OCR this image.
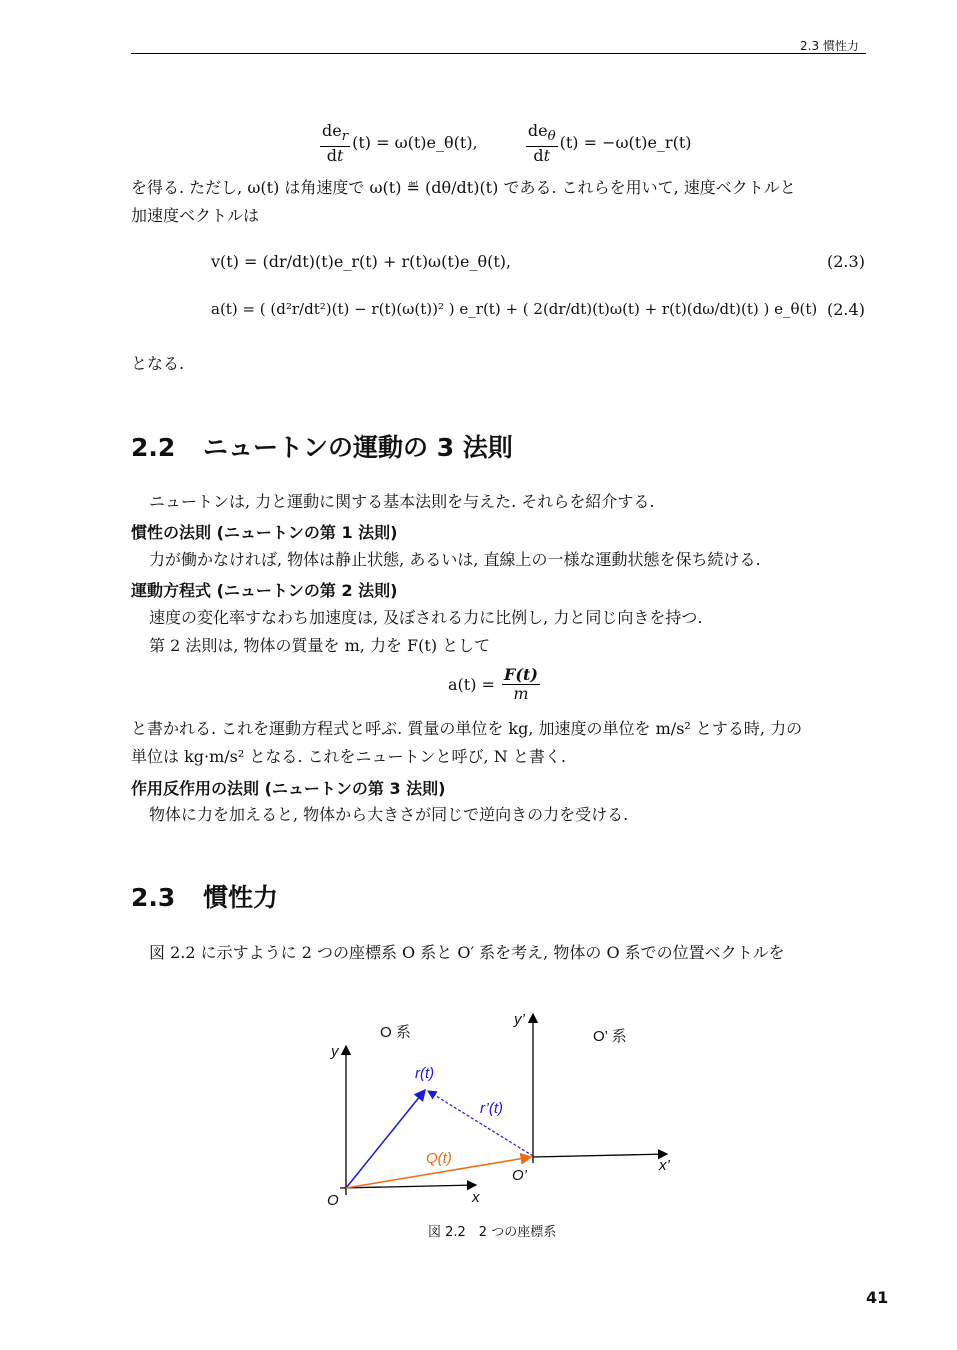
2.3 慣性力
$\frac{de_r}{dt} (t)$ = ω(t)e_θ(t),	$\frac{de_\theta}{dt} (t)$ = −ω(t)e_r(t)
を得る. ただし, ω(t) は角速度で ω(t) ≝ (dθ/dt)(t) である. これらを用いて, 速度ベクトルと
加速度ベクトルは
v(t) = (dr/dt)(t)e_r(t) + r(t)ω(t)e_θ(t),	(2.3)
a(t) = ( (d²r/dt²)(t) − r(t)(ω(t))² ) e_r(t) + ( 2(dr/dt)(t)ω(t) + r(t)(dω/dt)(t) ) e_θ(t) (2.4)
となる.
2.2 ニュートンの運動の 3 法則
ニュートンは, 力と運動に関する基本法則を与えた. それらを紹介する.
慣性の法則 (ニュートンの第 1 法則)
力が働かなければ, 物体は静止状態, あるいは, 直線上の一様な運動状態を保ち続ける.
運動方程式 (ニュートンの第 2 法則)
速度の変化率すなわち加速度は, 及ぼされる力に比例し, 力と同じ向きを持つ.
第 2 法則は, 物体の質量を m, 力を F(t) として
$a(t) = \frac{F(t)}{m}$
と書かれる. これを運動方程式と呼ぶ. 質量の単位を kg, 加速度の単位を m/s² とする時, 力の
単位は kg·m/s² となる. これをニュートンと呼び, N と書く.
作用反作用の法則 (ニュートンの第 3 法則)
物体に力を加えると, 物体から大きさが同じで逆向きの力を受ける.
2.3 慣性力
図 2.2 に示すように 2 つの座標系 O 系と O′ 系を考え, 物体の O 系での位置ベクトルを
O 系	O’ 系
y
y’
x
x’
O
O’
r(t)
r’(t)
Q(t)
図 2.2　2 つの座標系
41
